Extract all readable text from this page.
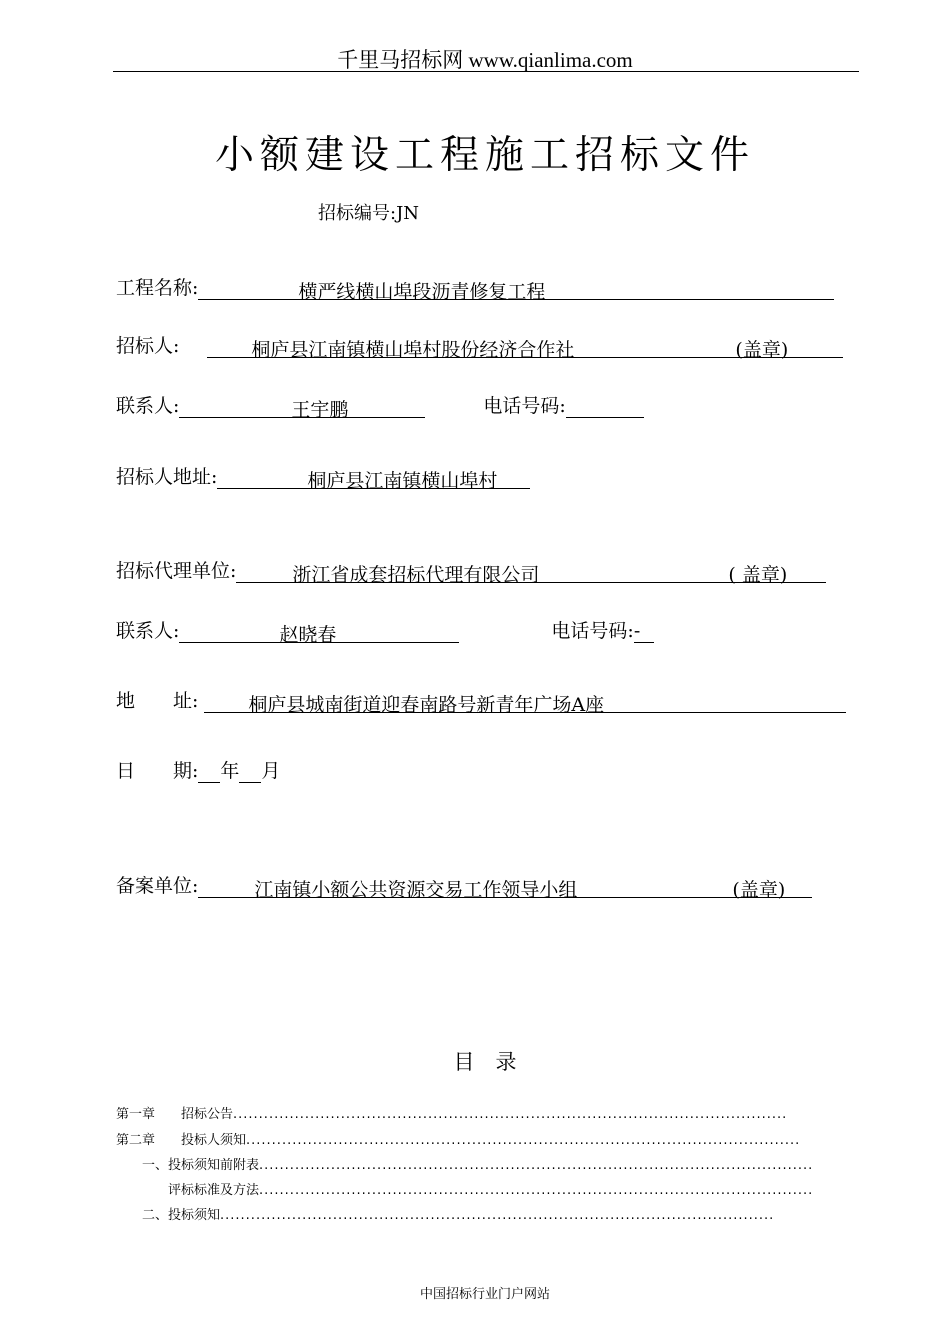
千里马招标网 www.qianlima.com
小额建设工程施工招标文件
招标编号:JN
工程名称:	横严线横山埠段沥青修复工程
招标人:	桐庐县江南镇横山埠村股份经济合作社	(盖章)
联系人:	王宇鹏	电话号码:
招标人地址:	桐庐县江南镇横山埠村
招标代理单位:	浙江省成套招标代理有限公司	( 盖章)
联系人:	赵晓春	电话号码:-
地　　址:	桐庐县城南街道迎春南路号新青年广场A座
日　　期: 年 月
备案单位:	江南镇小额公共资源交易工作领导小组	(盖章)
目　录
第一章　　招标公告............................................................................................................
第二章　　投标人须知............................................................................................................
　　一、投标须知前附表............................................................................................................
　　　　评标标准及方法............................................................................................................
　　二、投标须知............................................................................................................
中国招标行业门户网站
